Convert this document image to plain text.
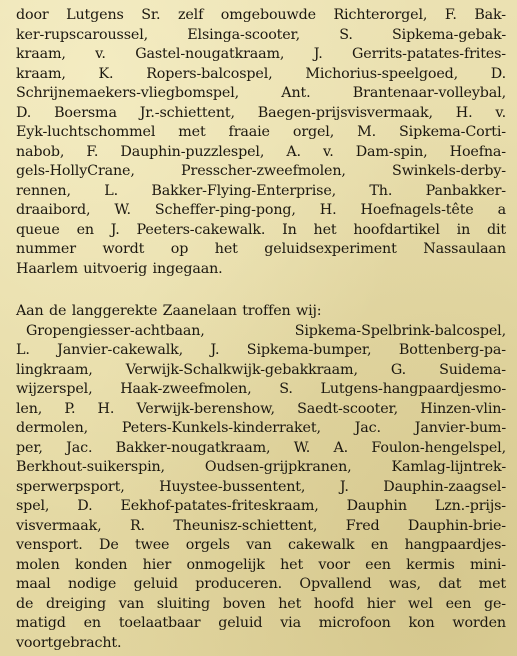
door Lutgens Sr. zelf omgebouwde Richterorgel, F. Bak-
ker-rupscaroussel, Elsinga-scooter, S. Sipkema-gebak-
kraam, v. Gastel-nougatkraam, J. Gerrits-patates-frites-
kraam, K. Ropers-balcospel, Michorius-speelgoed, D.
Schrijnemaekers-vliegbomspel, Ant. Brantenaar-volleybal,
D. Boersma Jr.-schiettent, Baegen-prijsvisvermaak, H. v.
Eyk-luchtschommel met fraaie orgel, M. Sipkema-Corti-
nabob, F. Dauphin-puzzlespel, A. v. Dam-spin, Hoefna-
gels-HollyCrane, Presscher-zweefmolen, Swinkels-derby-
rennen, L. Bakker-Flying-Enterprise, Th. Panbakker-
draaibord, W. Scheffer-ping-pong, H. Hoefnagels-tête a
queue en J. Peeters-cakewalk. In het hoofdartikel in dit
nummer wordt op het geluidsexperiment Nassaulaan
Haarlem uitvoerig ingegaan.
Aan de langgerekte Zaanelaan troffen wij:
Gropengiesser-achtbaan, Sipkema-Spelbrink-balcospel,
L. Janvier-cakewalk, J. Sipkema-bumper, Bottenberg-pa-
lingkraam, Verwijk-Schalkwijk-gebakkraam, G. Suidema-
wijzerspel, Haak-zweefmolen, S. Lutgens-hangpaardjesmo-
len, P. H. Verwijk-berenshow, Saedt-scooter, Hinzen-vlin-
dermolen, Peters-Kunkels-kinderraket, Jac. Janvier-bum-
per, Jac. Bakker-nougatkraam, W. A. Foulon-hengelspel,
Berkhout-suikerspin, Oudsen-grijpkranen, Kamlag-lijntrek-
sperwerpsport, Huystee-bussentent, J. Dauphin-zaagsel-
spel, D. Eekhof-patates-friteskraam, Dauphin Lzn.-prijs-
visvermaak, R. Theunisz-schiettent, Fred Dauphin-brie-
vensport. De twee orgels van cakewalk en hangpaardjes-
molen konden hier onmogelijk het voor een kermis mini-
maal nodige geluid produceren. Opvallend was, dat met
de dreiging van sluiting boven het hoofd hier wel een ge-
matigd en toelaatbaar geluid via microfoon kon worden
voortgebracht.
